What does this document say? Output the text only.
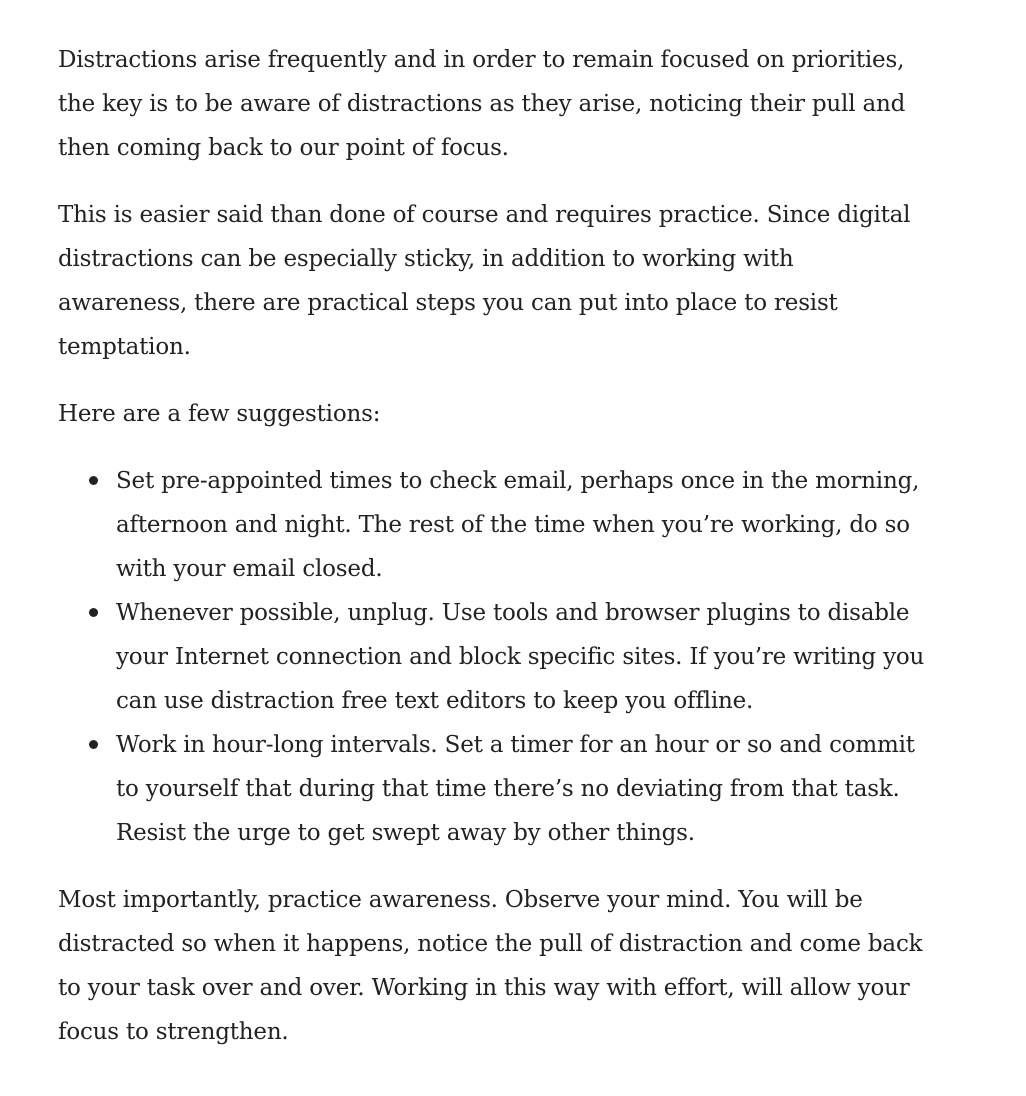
Distractions arise frequently and in order to remain focused on priorities, the key is to be aware of distractions as they arise, noticing their pull and then coming back to our point of focus.

This is easier said than done of course and requires practice. Since digital distractions can be especially sticky, in addition to working with awareness, there are practical steps you can put into place to resist temptation.

Here are a few suggestions:

Set pre-appointed times to check email, perhaps once in the morning, afternoon and night. The rest of the time when you’re working, do so with your email closed.
Whenever possible, unplug. Use tools and browser plugins to disable your Internet connection and block specific sites. If you’re writing you can use distraction free text editors to keep you offline.
Work in hour-long intervals. Set a timer for an hour or so and commit to yourself that during that time there’s no deviating from that task. Resist the urge to get swept away by other things.

Most importantly, practice awareness. Observe your mind. You will be distracted so when it happens, notice the pull of distraction and come back to your task over and over. Working in this way with effort, will allow your focus to strengthen.
